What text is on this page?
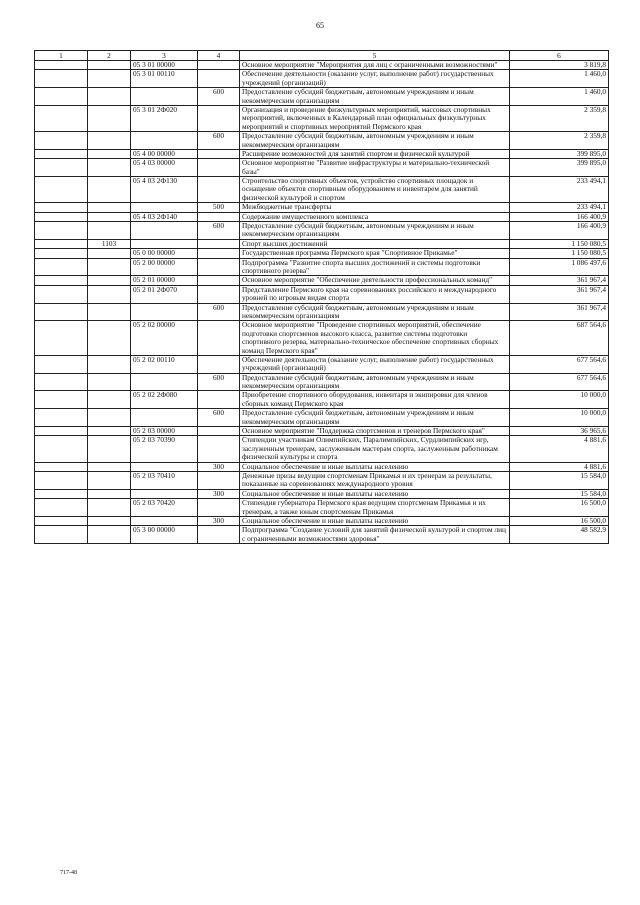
65
1	2	3	4	5	6
		05 3 01 00000		Основное мероприятие "Мероприятия для лиц с ограниченными возможностями"	3 819,8
		05 3 01 00110		Обеспечение деятельности (оказание услуг, выполнение работ) государственных учреждений (организаций)	1 460,0
			600	Предоставление субсидий бюджетным, автономным учреждениям и иным некоммерческим организациям	1 460,0
		05 3 01 2Ф020		Организация и проведение физкультурных мероприятий, массовых спортивных мероприятий, включенных в Календарный план официальных физкультурных мероприятий и спортивных мероприятий Пермского края	2 359,8
			600	Предоставление субсидий бюджетным, автономным учреждениям и иным некоммерческим организациям	2 359,8
		05 4 00 00000		Расширение возможностей для занятий спортом и физической культурой	399 895,0
		05 4 03 00000		Основное мероприятие "Развитие инфраструктуры и материально-технической базы"	399 895,0
		05 4 03 2Ф130		Строительство спортивных объектов, устройство спортивных площадок и оснащение объектов спортивным оборудованием и инвентарем для занятий физической культурой и спортом	233 494,1
			500	Межбюджетные трансферты	233 494,1
		05 4 03 2Ф140		Содержание имущественного комплекса	166 400,9
			600	Предоставление субсидий бюджетным, автономным учреждениям и иным некоммерческим организациям	166 400,9
	1103			Спорт высших достижений	1 150 080,5
		05 0 00 00000		Государственная программа Пермского края "Спортивное Прикамье"	1 150 080,5
		05 2 00 00000		Подпрограмма "Развитие спорта высших достижений и системы подготовки спортивного резерва"	1 086 497,6
		05 2 01 00000		Основное мероприятие "Обеспечение деятельности профессиональных команд"	361 967,4
		05 2 01 2Ф070		Представление Пермского края на соревнованиях российского и международного уровней по игровым видам спорта	361 967,4
			600	Предоставление субсидий бюджетным, автономным учреждениям и иным некоммерческим организациям	361 967,4
		05 2 02 00000		Основное мероприятие "Проведение спортивных мероприятий, обеспечение подготовки спортсменов высокого класса, развитие системы подготовки спортивного резерва, материально-техническое обеспечение спортивных сборных команд Пермского края"	687 564,6
		05 2 02 00110		Обеспечение деятельности (оказание услуг, выполнение работ) государственных учреждений (организаций)	677 564,6
			600	Предоставление субсидий бюджетным, автономным учреждениям и иным некоммерческим организациям	677 564,6
		05 2 02 2Ф080		Приобретение спортивного оборудования, инвентаря и экипировки для членов сборных команд Пермского края	10 000,0
			600	Предоставление субсидий бюджетным, автономным учреждениям и иным некоммерческим организациям	10 000,0
		05 2 03 00000		Основное мероприятие "Поддержка спортсменов и тренеров Пермского края"	36 965,6
		05 2 03 70390		Стипендии участникам Олимпийских, Паралимпийских, Сурдлимпийских игр, заслуженным тренерам, заслуженным мастерам спорта, заслуженным работникам физической культуры и спорта	4 881,6
			300	Социальное обеспечение и иные выплаты населению	4 881,6
		05 2 03 70410		Денежные призы ведущим спортсменам Прикамья и их тренерам за результаты, показанные на соревнованиях международного уровня	15 584,0
			300	Социальное обеспечение и иные выплаты населению	15 584,0
		05 2 03 70420		Стипендия губернатора Пермского края ведущим спортсменам Прикамья и их тренерам, а также юным спортсменам Прикамья	16 500,0
			300	Социальное обеспечение и иные выплаты населению	16 500,0
		05 3 00 00000		Подпрограмма "Создание условий для занятий физической культурой и спортом лиц с ограниченными возможностями здоровья"	48 582,9
717-48
